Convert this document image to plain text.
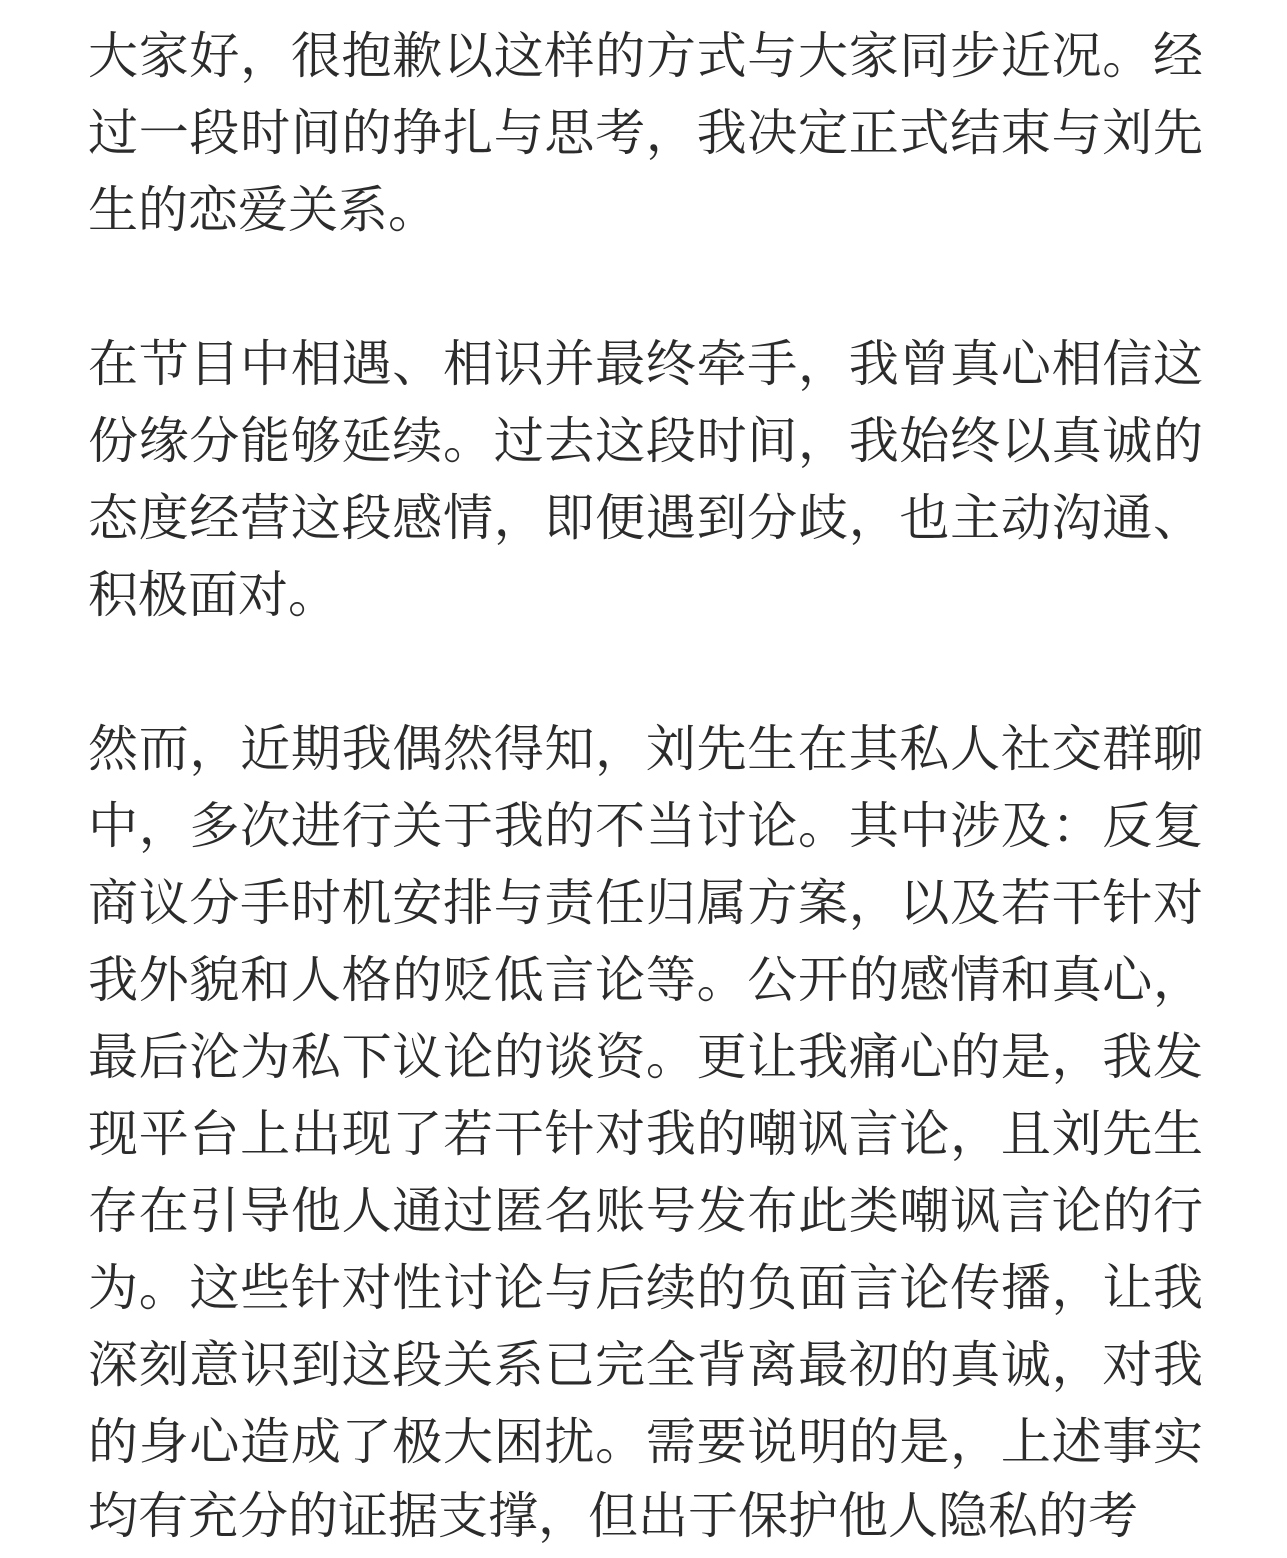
大家好，很抱歉以这样的方式与大家同步近况。经
过一段时间的挣扎与思考，我决定正式结束与刘先
生的恋爱关系。
在节目中相遇、相识并最终牵手，我曾真心相信这
份缘分能够延续。过去这段时间，我始终以真诚的
态度经营这段感情，即便遇到分歧，也主动沟通、
积极面对。
然而，近期我偶然得知，刘先生在其私人社交群聊
中，多次进行关于我的不当讨论。其中涉及：反复
商议分手时机安排与责任归属方案，以及若干针对
我外貌和人格的贬低言论等。公开的感情和真心，
最后沦为私下议论的谈资。更让我痛心的是，我发
现平台上出现了若干针对我的嘲讽言论，且刘先生
存在引导他人通过匿名账号发布此类嘲讽言论的行
为。这些针对性讨论与后续的负面言论传播，让我
深刻意识到这段关系已完全背离最初的真诚，对我
的身心造成了极大困扰。需要说明的是，上述事实
均有充分的证据支撑，但出于保护他人隐私的考
